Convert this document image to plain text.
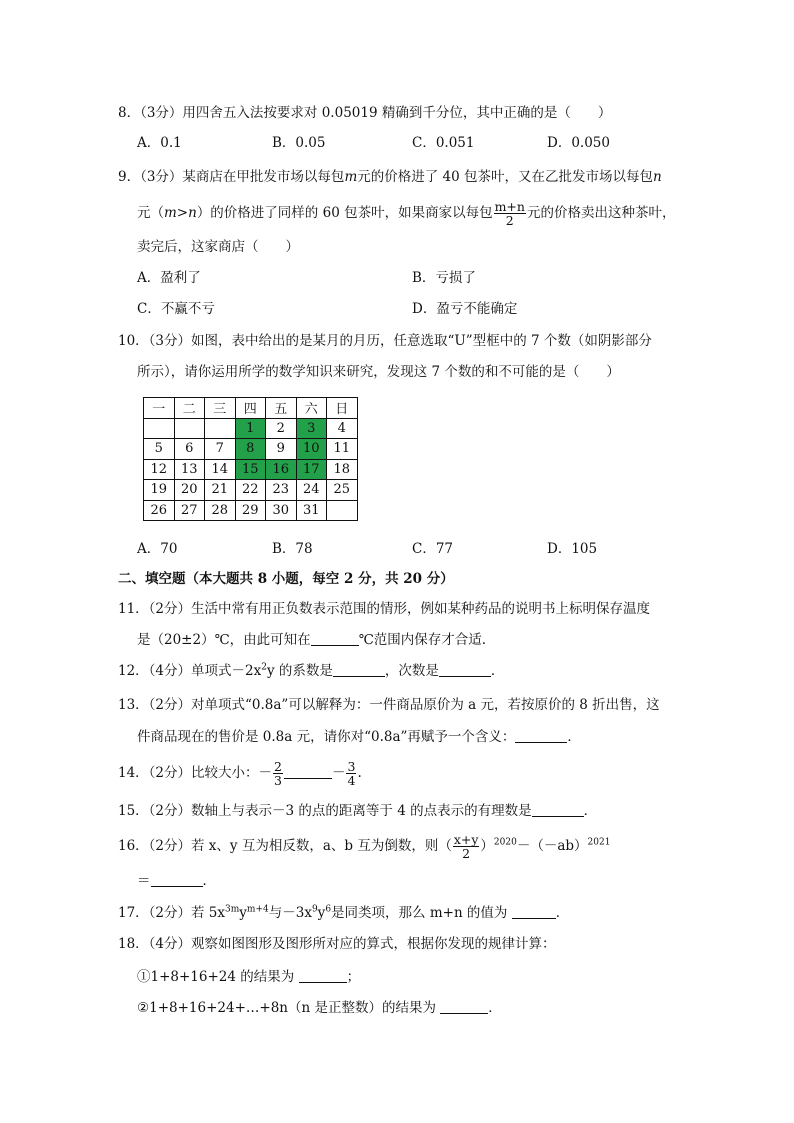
8．（3分）用四舍五入法按要求对 0.05019 精确到千分位，其中正确的是（　　）
A．0.1	B．0.05	C．0.051	D．0.050
9．（3分）某商店在甲批发市场以每包m元的价格进了 40 包茶叶，又在乙批发市场以每包n
元（m>n）的价格进了同样的 60 包茶叶，如果商家以每包 $\frac{m+n}{2}$ 元的价格卖出这种茶叶，
卖完后，这家商店（　　）
A．盈利了	B．亏损了
C．不赢不亏	D．盈亏不能确定
10．（3分）如图，表中给出的是某月的月历，任意选取“U”型框中的 7 个数（如阴影部分
所示），请你运用所学的数学知识来研究，发现这 7 个数的和不可能的是（　　）
一	二	三	四	五	六	日
			1	2	3	4
5	6	7	8	9	10	11
12	13	14	15	16	17	18
19	20	21	22	23	24	25
26	27	28	29	30	31	
A．70	B．78	C．77	D．105
二、填空题（本大题共 8 小题，每空 2 分，共 20 分）
11．（2分）生活中常有用正负数表示范围的情形，例如某种药品的说明书上标明保存温度
是（20±2）℃，由此可知在	℃范围内保存才合适.
12．（4分）单项式$-2x^2y$ 的系数是	，次数是	．
13．（2分）对单项式“0.8a”可以解释为：一件商品原价为 a 元，若按原价的 8 折出售，这
件商品现在的售价是 0.8a 元，请你对“0.8a”再赋予一个含义：	．
14．（2分）比较大小：－ $\frac{2}{3}$	－ $\frac{3}{4}$ .
15．（2分）数轴上与表示－3 的点的距离等于 4 的点表示的有理数是	．
16．（2分）若 x、y 互为相反数，a、b 互为倒数，则（ $\frac{x+y}{2} )^{2020}-(-ab)^{2021}$
＝	．
17．（2分）若 $5x^{3m}y^{m+4}$与$-3x^9y^6$是同类项，那么 m+n 的值为	．
18．（4分）观察如图图形及图形所对应的算式，根据你发现的规律计算：
①1+8+16+24 的结果为	；
②1+8+16+24+…+8n（n 是正整数）的结果为	．
